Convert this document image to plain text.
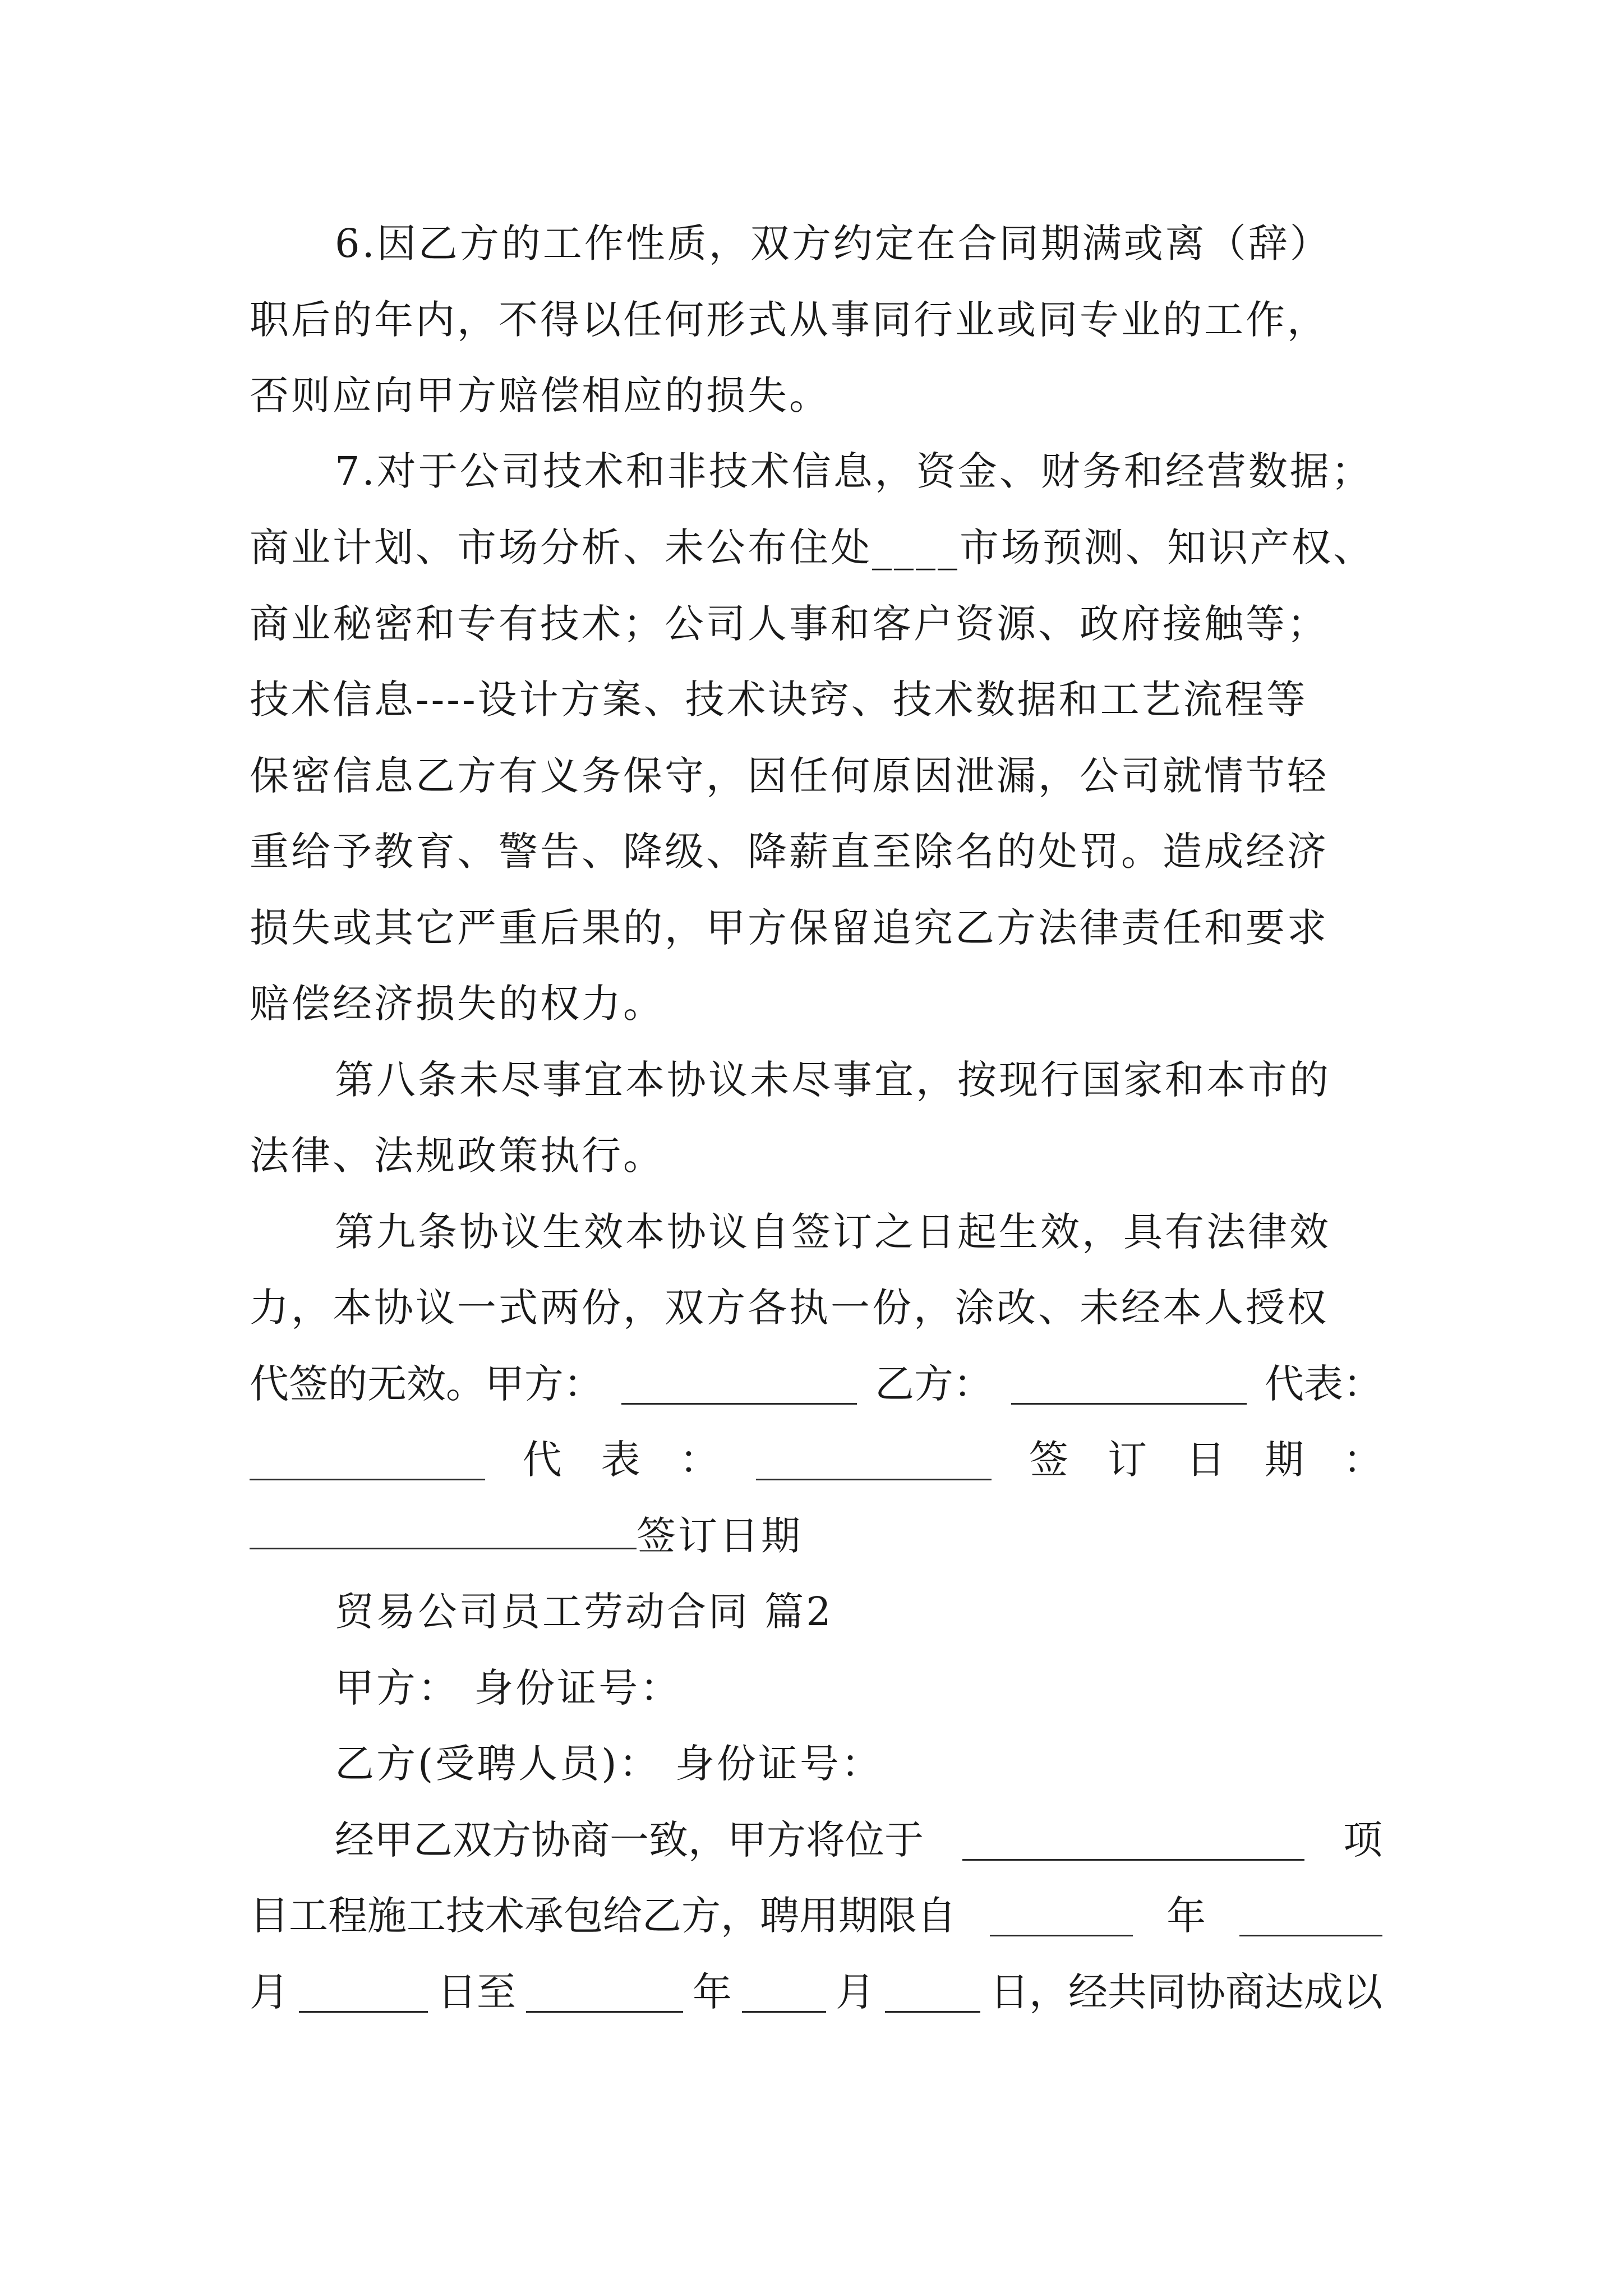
6.因乙方的工作性质，双方约定在合同期满或离（辞）
职后的年内，不得以任何形式从事同行业或同专业的工作，
否则应向甲方赔偿相应的损失。
7.对于公司技术和非技术信息，资金、财务和经营数据；
商业计划、市场分析、未公布住处____市场预测、知识产权、
商业秘密和专有技术；公司人事和客户资源、政府接触等；
技术信息----设计方案、技术诀窍、技术数据和工艺流程等
保密信息乙方有义务保守，因任何原因泄漏，公司就情节轻
重给予教育、警告、降级、降薪直至除名的处罚。造成经济
损失或其它严重后果的，甲方保留追究乙方法律责任和要求
赔偿经济损失的权力。
第八条未尽事宜本协议未尽事宜，按现行国家和本市的
法律、法规政策执行。
第九条协议生效本协议自签订之日起生效，具有法律效
力，本协议一式两份，双方各执一份，涂改、未经本人授权
代签的无效。甲方：	乙方：	代表：
代　表　：	签　订　日　期　：
签订日期
贸易公司员工劳动合同 篇2
甲方： 身份证号：
乙方(受聘人员)： 身份证号：
经甲乙双方协商一致，甲方将位于	项
目工程施工技术承包给乙方，聘用期限自	年
月	日至	年	月	日，经共同协商达成以
